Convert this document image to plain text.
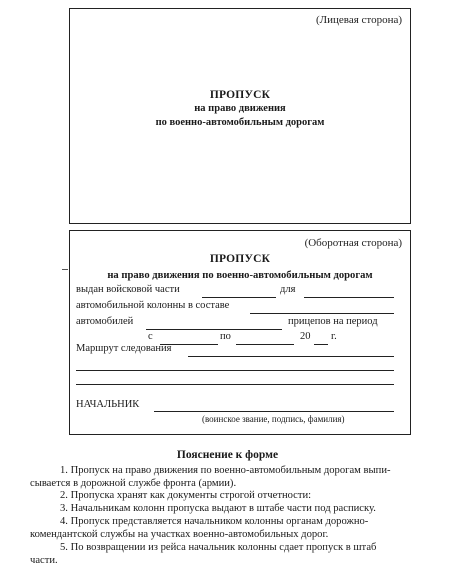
(Лицевая сторона)
ПРОПУСК
на право движения
по военно-автомобильным дорогам
(Оборотная сторона)
ПРОПУСК
на право движения по военно-автомобильным дорогам
выдан войсковой части	для
автомобильной колонны в составе
автомобилей	прицепов на период
с	по	20 г.
Маршрут следования
НАЧАЛЬНИК
(воинское звание, подпись, фамилия)
Пояснение к форме
1. Пропуск на право движения по военно-автомобильным дорогам выпи-
сывается в дорожной службе фронта (армии).
2. Пропуска хранят как документы строгой отчетности:
3. Начальникам колонн пропуска выдают в штабе части под расписку.
4. Пропуск представляется начальником колонны органам дорожно-
комендантской службы на участках военно-автомобильных дорог.
5. По возвращении из рейса начальник колонны сдает пропуск в штаб
части.
